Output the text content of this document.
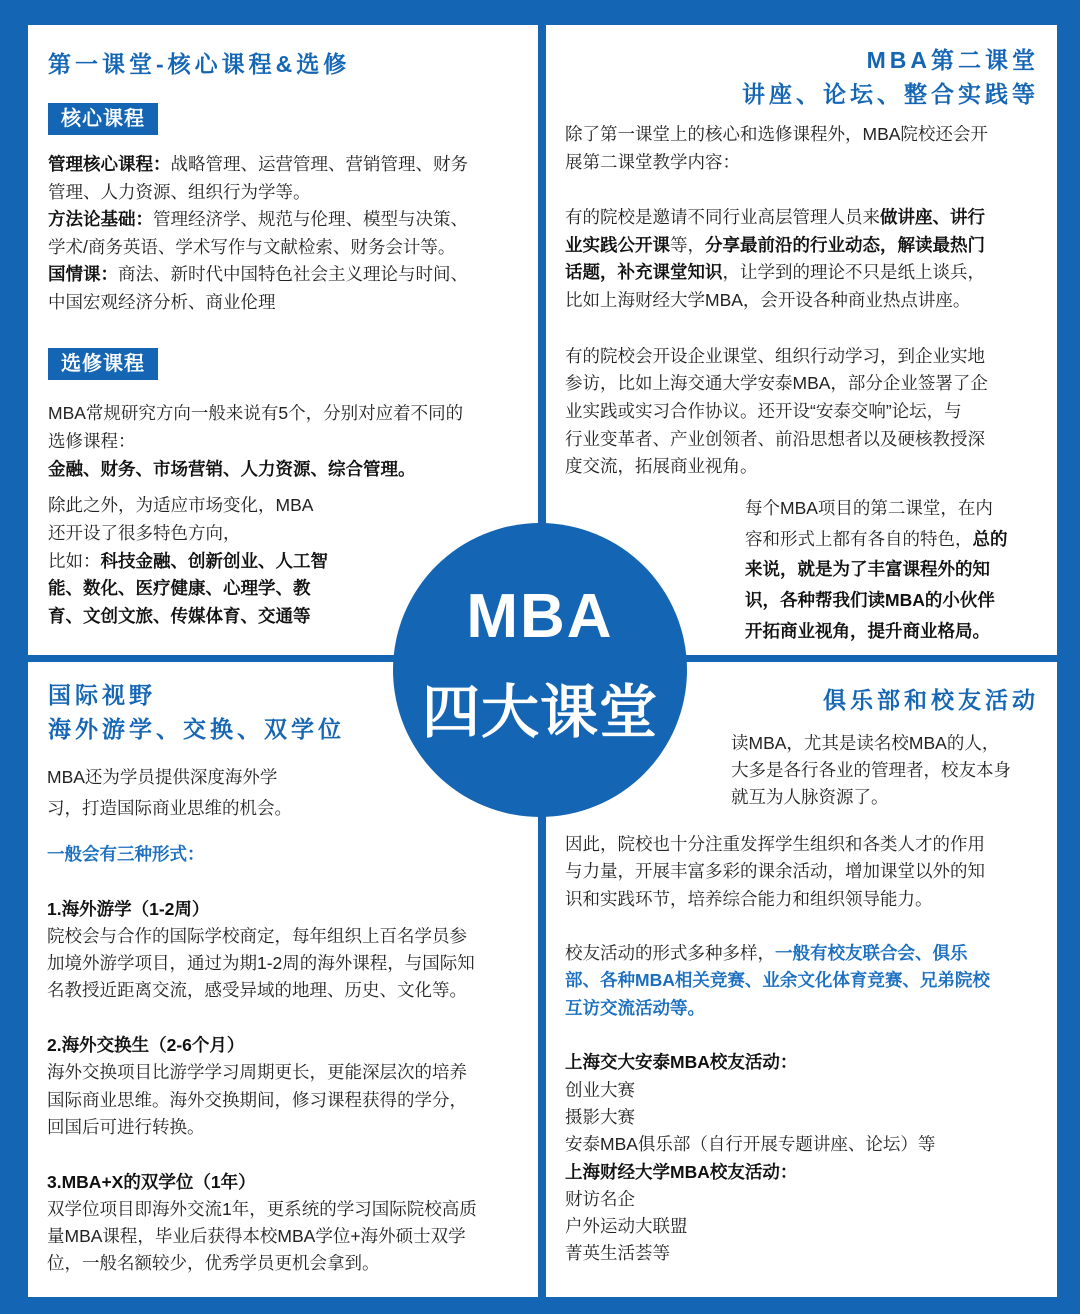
第一课堂-核心课程&选修
核心课程
管理核心课程：战略管理、运营管理、营销管理、财务
管理、人力资源、组织行为学等。
方法论基础：管理经济学、规范与伦理、模型与决策、
学术/商务英语、学术写作与文献检索、财务会计等。
国情课：商法、新时代中国特色社会主义理论与时间、
中国宏观经济分析、商业伦理
选修课程
MBA常规研究方向一般来说有5个，分别对应着不同的
选修课程：
金融、财务、市场营销、人力资源、综合管理。
除此之外，为适应市场变化，MBA
还开设了很多特色方向，
比如：科技金融、创新创业、人工智
能、数化、医疗健康、心理学、教
育、文创文旅、传媒体育、交通等
MBA第二课堂
讲座、论坛、整合实践等
除了第一课堂上的核心和选修课程外，MBA院校还会开
展第二课堂教学内容：
有的院校是邀请不同行业高层管理人员来做讲座、讲行
业实践公开课等，分享最前沿的行业动态，解读最热门
话题，补充课堂知识，让学到的理论不只是纸上谈兵，
比如上海财经大学MBA，会开设各种商业热点讲座。
有的院校会开设企业课堂、组织行动学习，到企业实地
参访，比如上海交通大学安泰MBA，部分企业签署了企
业实践或实习合作协议。还开设“安泰交响”论坛，与
行业变革者、产业创领者、前沿思想者以及硬核教授深
度交流，拓展商业视角。
每个MBA项目的第二课堂，在内
容和形式上都有各自的特色，总的
来说，就是为了丰富课程外的知
识，各种帮我们读MBA的小伙伴
开拓商业视角，提升商业格局。
国际视野
海外游学、交换、双学位
MBA还为学员提供深度海外学
习，打造国际商业思维的机会。
一般会有三种形式：
1.海外游学（1-2周）
院校会与合作的国际学校商定，每年组织上百名学员参
加境外游学项目，通过为期1-2周的海外课程，与国际知
名教授近距离交流，感受异域的地理、历史、文化等。
2.海外交换生（2-6个月）
海外交换项目比游学学习周期更长，更能深层次的培养
国际商业思维。海外交换期间，修习课程获得的学分，
回国后可进行转换。
3.MBA+X的双学位（1年）
双学位项目即海外交流1年，更系统的学习国际院校高质
量MBA课程，毕业后获得本校MBA学位+海外硕士双学
位，一般名额较少，优秀学员更机会拿到。
俱乐部和校友活动
读MBA，尤其是读名校MBA的人，
大多是各行各业的管理者，校友本身
就互为人脉资源了。
因此，院校也十分注重发挥学生组织和各类人才的作用
与力量，开展丰富多彩的课余活动，增加课堂以外的知
识和实践环节，培养综合能力和组织领导能力。
校友活动的形式多种多样，一般有校友联合会、俱乐
部、各种MBA相关竞赛、业余文化体育竞赛、兄弟院校
互访交流活动等。
上海交大安泰MBA校友活动：
创业大赛
摄影大赛
安泰MBA俱乐部（自行开展专题讲座、论坛）等
上海财经大学MBA校友活动：
财访名企
户外运动大联盟
菁英生活荟等
MBA
四大课堂
